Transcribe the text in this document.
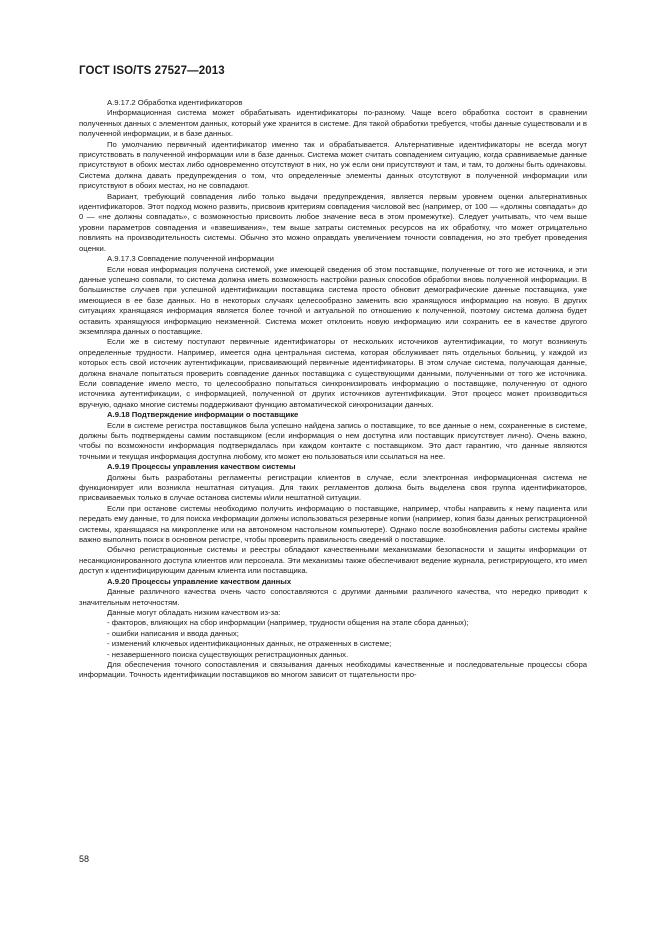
ГОСТ ISO/TS 27527—2013

А.9.17.2 Обработка идентификаторов

Информационная система может обрабатывать идентификаторы по-разному. Чаще всего обработка состоит в сравнении полученных данных с элементом данных, который уже хранится в системе. Для такой обработки требуется, чтобы данные существовали и в полученной информации, и в базе данных.

По умолчанию первичный идентификатор именно так и обрабатывается. Альтернативные идентификаторы не всегда могут присутствовать в полученной информации или в базе данных. Система может считать совпадением ситуацию, когда сравниваемые данные присутствуют в обоих местах либо одновременно отсутствуют в них, но уж если они присутствуют и там, и там, то должны быть одинаковы. Система должна давать предупреждения о том, что определенные элементы данных отсутствуют в полученной информации или присутствуют в обоих местах, но не совпадают.

Вариант, требующий совпадения либо только выдачи предупреждения, является первым уровнем оценки альтернативных идентификаторов. Этот подход можно развить, присвоив критериям совпадения числовой вес (например, от 100 — «должны совпадать» до 0 — «не должны совпадать», с возможностью присвоить любое значение веса в этом промежутке). Следует учитывать, что чем выше уровни параметров совпадения и «взвешивания», тем выше затраты системных ресурсов на их обработку, что может отрицательно повлиять на производительность системы. Обычно это можно оправдать увеличением точности совпадения, но это требует проведения оценки.

А.9.17.3 Совпадение полученной информации

Если новая информация получена системой, уже имеющей сведения об этом поставщике, полученные от того же источника, и эти данные успешно совпали, то система должна иметь возможность настройки разных способов обработки вновь полученной информации. В большинстве случаев при успешной идентификации поставщика система просто обновит демографические данные поставщика, уже имеющиеся в ее базе данных. Но в некоторых случаях целесообразно заменить всю хранящуюся информацию на новую. В других ситуациях хранящаяся информация является более точной и актуальной по отношению к полученной, поэтому система должна будет оставить хранящуюся информацию неизменной. Система может отклонить новую информацию или сохранить ее в качестве другого экземпляра данных о поставщике.

Если же в систему поступают первичные идентификаторы от нескольких источников аутентификации, то могут возникнуть определенные трудности. Например, имеется одна центральная система, которая обслуживает пять отдельных больниц, у каждой из которых есть свой источник аутентификации, присваивающий первичные идентификаторы. В этом случае система, получающая данные, должна вначале попытаться проверить совпадение данных поставщика с существующими данными, полученными от того же источника. Если совпадение имело место, то целесообразно попытаться синхронизировать информацию о поставщике, полученную от одного источника аутентификации, с информацией, полученной от других источников аутентификации. Этот процесс может производиться вручную, однако многие системы поддерживают функцию автоматической синхронизации данных.

А.9.18 Подтверждение информации о поставщике

Если в системе регистра поставщиков была успешно найдена запись о поставщике, то все данные о нем, сохраненные в системе, должны быть подтверждены самим поставщиком (если информация о нем доступна или поставщик присутствует лично). Очень важно, чтобы по возможности информация подтверждалась при каждом контакте с поставщиком. Это даст гарантию, что данные являются точными и текущая информация доступна любому, кто может ею пользоваться или ссылаться на нее.

А.9.19 Процессы управления качеством системы

Должны быть разработаны регламенты регистрации клиентов в случае, если электронная информационная система не функционирует или возникла нештатная ситуация. Для таких регламентов должна быть выделена своя группа идентификаторов, присваиваемых только в случае останова системы и/или нештатной ситуации.

Если при останове системы необходимо получить информацию о поставщике, например, чтобы направить к нему пациента или передать ему данные, то для поиска информации должны использоваться резервные копии (например, копия базы данных регистрационной системы, хранящаяся на микропленке или на автономном настольном компьютере). Однако после возобновления работы системы крайне важно выполнить поиск в основном регистре, чтобы проверить правильность сведений о поставщике.

Обычно регистрационные системы и реестры обладают качественными механизмами безопасности и защиты информации от несанкционированного доступа клиентов или персонала. Эти механизмы также обеспечивают ведение журнала, регистрирующего, кто имел доступ к идентифицирующим данным клиента или поставщика.

А.9.20 Процессы управление качеством данных

Данные различного качества очень часто сопоставляются с другими данными различного качества, что нередко приводит к значительным неточностям.

Данные могут обладать низким качеством из-за:

- факторов, влияющих на сбор информации (например, трудности общения на этапе сбора данных);

- ошибки написания и ввода данных;

- изменений ключевых идентификационных данных, не отраженных в системе;

- незавершенного поиска существующих регистрационных данных.

Для обеспечения точного сопоставления и связывания данных необходимы качественные и последовательные процессы сбора информации. Точность идентификации поставщиков во многом зависит от тщательности про-

58
